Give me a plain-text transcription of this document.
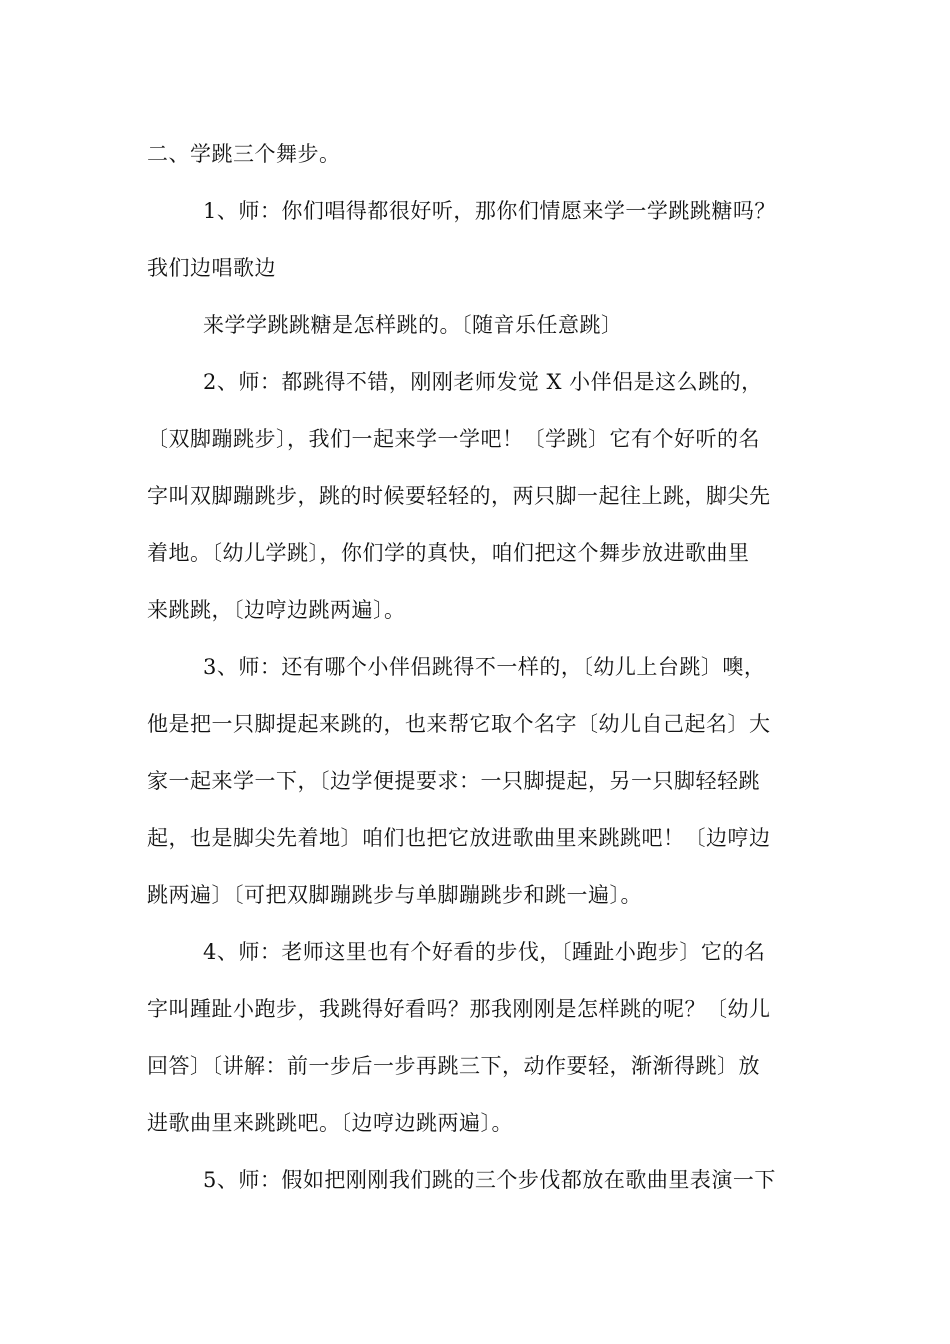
二、学跳三个舞步。
1、师：你们唱得都很好听，那你们情愿来学一学跳跳糖吗？
我们边唱歌边
来学学跳跳糖是怎样跳的。〔随音乐任意跳〕
2、师：都跳得不错，刚刚老师发觉 X 小伴侣是这么跳的，
〔双脚蹦跳步〕，我们一起来学一学吧！〔学跳〕它有个好听的名
字叫双脚蹦跳步，跳的时候要轻轻的，两只脚一起往上跳，脚尖先
着地。〔幼儿学跳〕，你们学的真快，咱们把这个舞步放进歌曲里
来跳跳，〔边哼边跳两遍〕。
3、师：还有哪个小伴侣跳得不一样的，〔幼儿上台跳〕噢，
他是把一只脚提起来跳的，也来帮它取个名字〔幼儿自己起名〕大
家一起来学一下，〔边学便提要求：一只脚提起，另一只脚轻轻跳
起，也是脚尖先着地〕咱们也把它放进歌曲里来跳跳吧！〔边哼边
跳两遍〕〔可把双脚蹦跳步与单脚蹦跳步和跳一遍〕。
4、师：老师这里也有个好看的步伐，〔踵趾小跑步〕它的名
字叫踵趾小跑步，我跳得好看吗？那我刚刚是怎样跳的呢？〔幼儿
回答〕〔讲解：前一步后一步再跳三下，动作要轻，渐渐得跳〕放
进歌曲里来跳跳吧。〔边哼边跳两遍〕。
5、师：假如把刚刚我们跳的三个步伐都放在歌曲里表演一下
